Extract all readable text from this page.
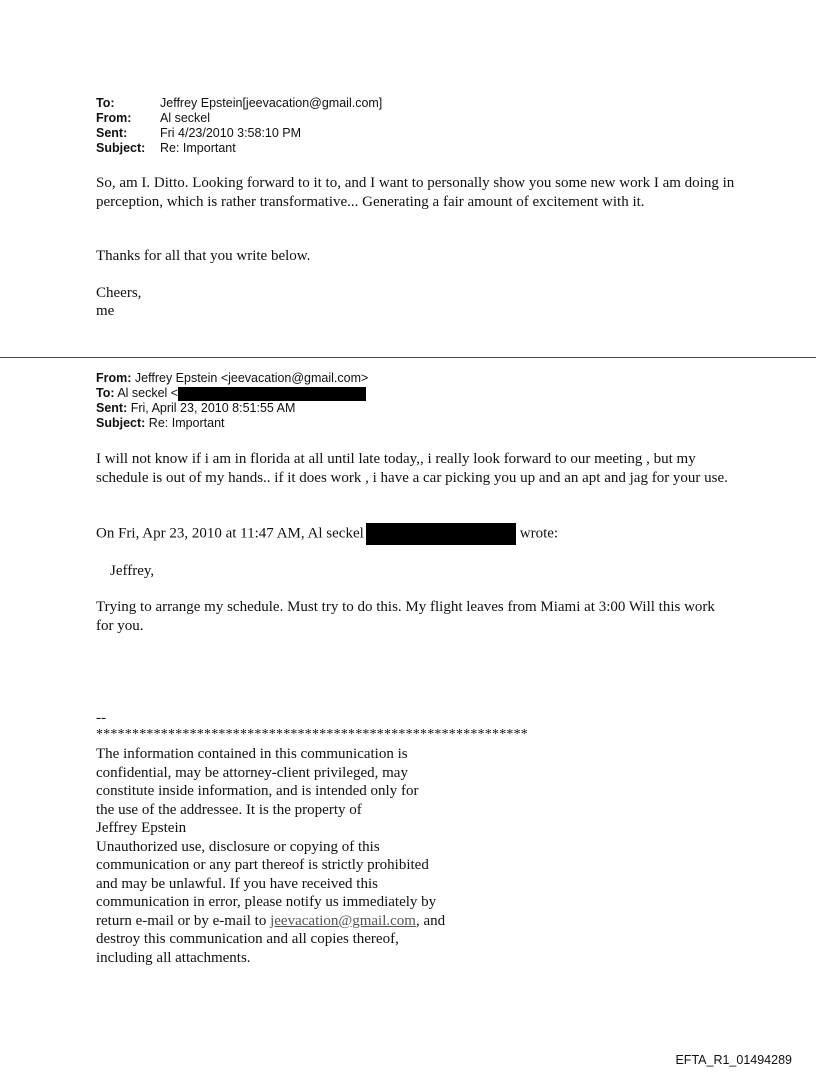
To:	Jeffrey Epstein[jeevacation@gmail.com]
From:	Al seckel
Sent:	Fri 4/23/2010 3:58:10 PM
Subject:	Re: Important

So, am I. Ditto. Looking forward to it to, and I want to personally show you some new work I am doing in perception, which is rather transformative... Generating a fair amount of excitement with it.

Thanks for all that you write below.

Cheers,

me

From: Jeffrey Epstein <jeevacation@gmail.com>
To: Al seckel <
Sent: Fri, April 23, 2010 8:51:55 AM
Subject: Re: Important

I will not know if i am in florida at all until late today,, i really look forward to our meeting , but my schedule is out of my hands.. if it does work , i have a car picking you up and an apt and jag for your use.

On Fri, Apr 23, 2010 at 11:47 AM, Al seckel	wrote:

Jeffrey,

Trying to arrange my schedule. Must try to do this. My flight leaves from Miami at 3:00 Will this work for you.

--
************************************************************
The information contained in this communication is
confidential, may be attorney-client privileged, may
constitute inside information, and is intended only for
the use of the addressee. It is the property of
Jeffrey Epstein
Unauthorized use, disclosure or copying of this
communication or any part thereof is strictly prohibited
and may be unlawful. If you have received this
communication in error, please notify us immediately by
return e-mail or by e-mail to jeevacation@gmail.com, and
destroy this communication and all copies thereof,
including all attachments.
EFTA_R1_01494289
